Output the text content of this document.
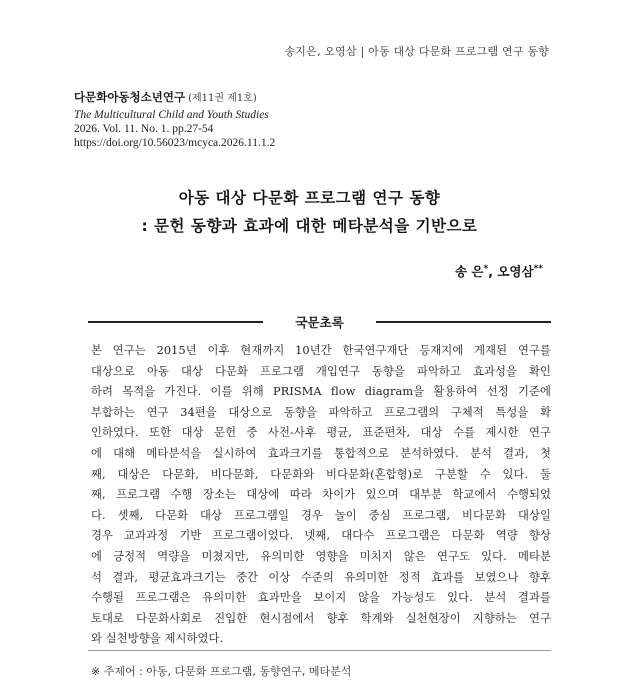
송지은, 오영삼 | 아동 대상 다문화 프로그램 연구 동향
다문화아동청소년연구 (제11권 제1호)
The Multicultural Child and Youth Studies
2026. Vol. 11. No. 1. pp.27-54
https://doi.org/10.56023/mcyca.2026.11.1.2
아동 대상 다문화 프로그램 연구 동향
: 문헌 동향과 효과에 대한 메타분석을 기반으로
송 은*, 오영삼**
국문초록
본 연구는 2015년 이후 현재까지 10년간 한국연구재단 등재지에 게재된 연구를
대상으로 아동 대상 다문화 프로그램 개입연구 동향을 파악하고 효과성을 확인
하려 목적을 가진다. 이를 위해 PRISMA flow diagram을 활용하여 선정 기준에
부합하는 연구 34편을 대상으로 동향을 파악하고 프로그램의 구체적 특성을 확
인하였다. 또한 대상 문헌 중 사전-사후 평균, 표준편차, 대상 수를 제시한 연구
에 대해 메타분석을 실시하여 효과크기를 통합적으로 분석하였다. 분석 결과, 첫
째, 대상은 다문화, 비다문화, 다문화와 비다문화(혼합형)로 구분할 수 있다. 둘
째, 프로그램 수행 장소는 대상에 따라 차이가 있으며 대부분 학교에서 수행되었
다. 셋째, 다문화 대상 프로그램일 경우 놀이 중심 프로그램, 비다문화 대상일
경우 교과과정 기반 프로그램이었다. 넷째, 대다수 프로그램은 다문화 역량 향상
에 긍정적 역량을 미쳤지만, 유의미한 영향을 미치지 않은 연구도 있다. 메타분
석 결과, 평균효과크기는 중간 이상 수준의 유의미한 정적 효과를 보였으나 향후
수행될 프로그램은 유의미한 효과만을 보이지 않을 가능성도 있다. 분석 결과를
토대로 다문화사회로 진입한 현시점에서 향후 학계와 실천현장이 지향하는 연구
와 실천방향을 제시하였다.
※ 주제어 : 아동, 다문화 프로그램, 동향연구, 메타분석
